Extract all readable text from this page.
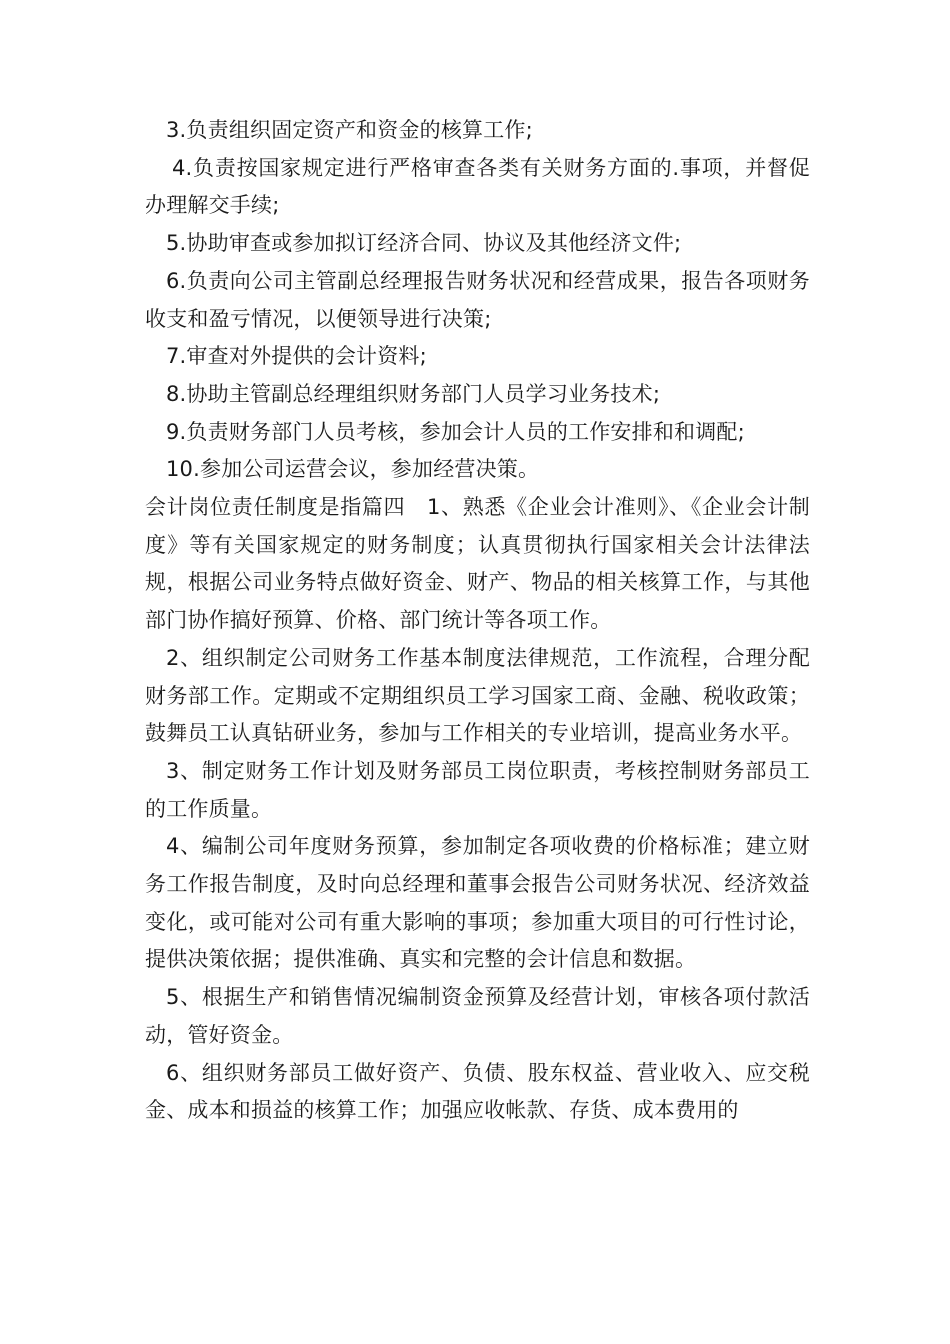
3.负责组织固定资产和资金的核算工作;

4.负责按国家规定进行严格审查各类有关财务方面的.事项，并督促办理解交手续;

5.协助审查或参加拟订经济合同、协议及其他经济文件;

6.负责向公司主管副总经理报告财务状况和经营成果，报告各项财务收支和盈亏情况，以便领导进行决策;

7.审查对外提供的会计资料;

8.协助主管副总经理组织财务部门人员学习业务技术;

9.负责财务部门人员考核，参加会计人员的工作安排和和调配;

10.参加公司运营会议，参加经营决策。

会计岗位责任制度是指篇四　1、熟悉《企业会计准则》、《企业会计制度》等有关国家规定的财务制度；认真贯彻执行国家相关会计法律法规，根据公司业务特点做好资金、财产、物品的相关核算工作，与其他部门协作搞好预算、价格、部门统计等各项工作。

2、组织制定公司财务工作基本制度法律规范，工作流程，合理分配财务部工作。定期或不定期组织员工学习国家工商、金融、税收政策；鼓舞员工认真钻研业务，参加与工作相关的专业培训，提高业务水平。

3、制定财务工作计划及财务部员工岗位职责，考核控制财务部员工的工作质量。

4、编制公司年度财务预算，参加制定各项收费的价格标准；建立财务工作报告制度，及时向总经理和董事会报告公司财务状况、经济效益变化，或可能对公司有重大影响的事项；参加重大项目的可行性讨论，提供决策依据；提供准确、真实和完整的会计信息和数据。

5、根据生产和销售情况编制资金预算及经营计划，审核各项付款活动，管好资金。

6、组织财务部员工做好资产、负债、股东权益、营业收入、应交税金、成本和损益的核算工作；加强应收帐款、存货、成本费用的
